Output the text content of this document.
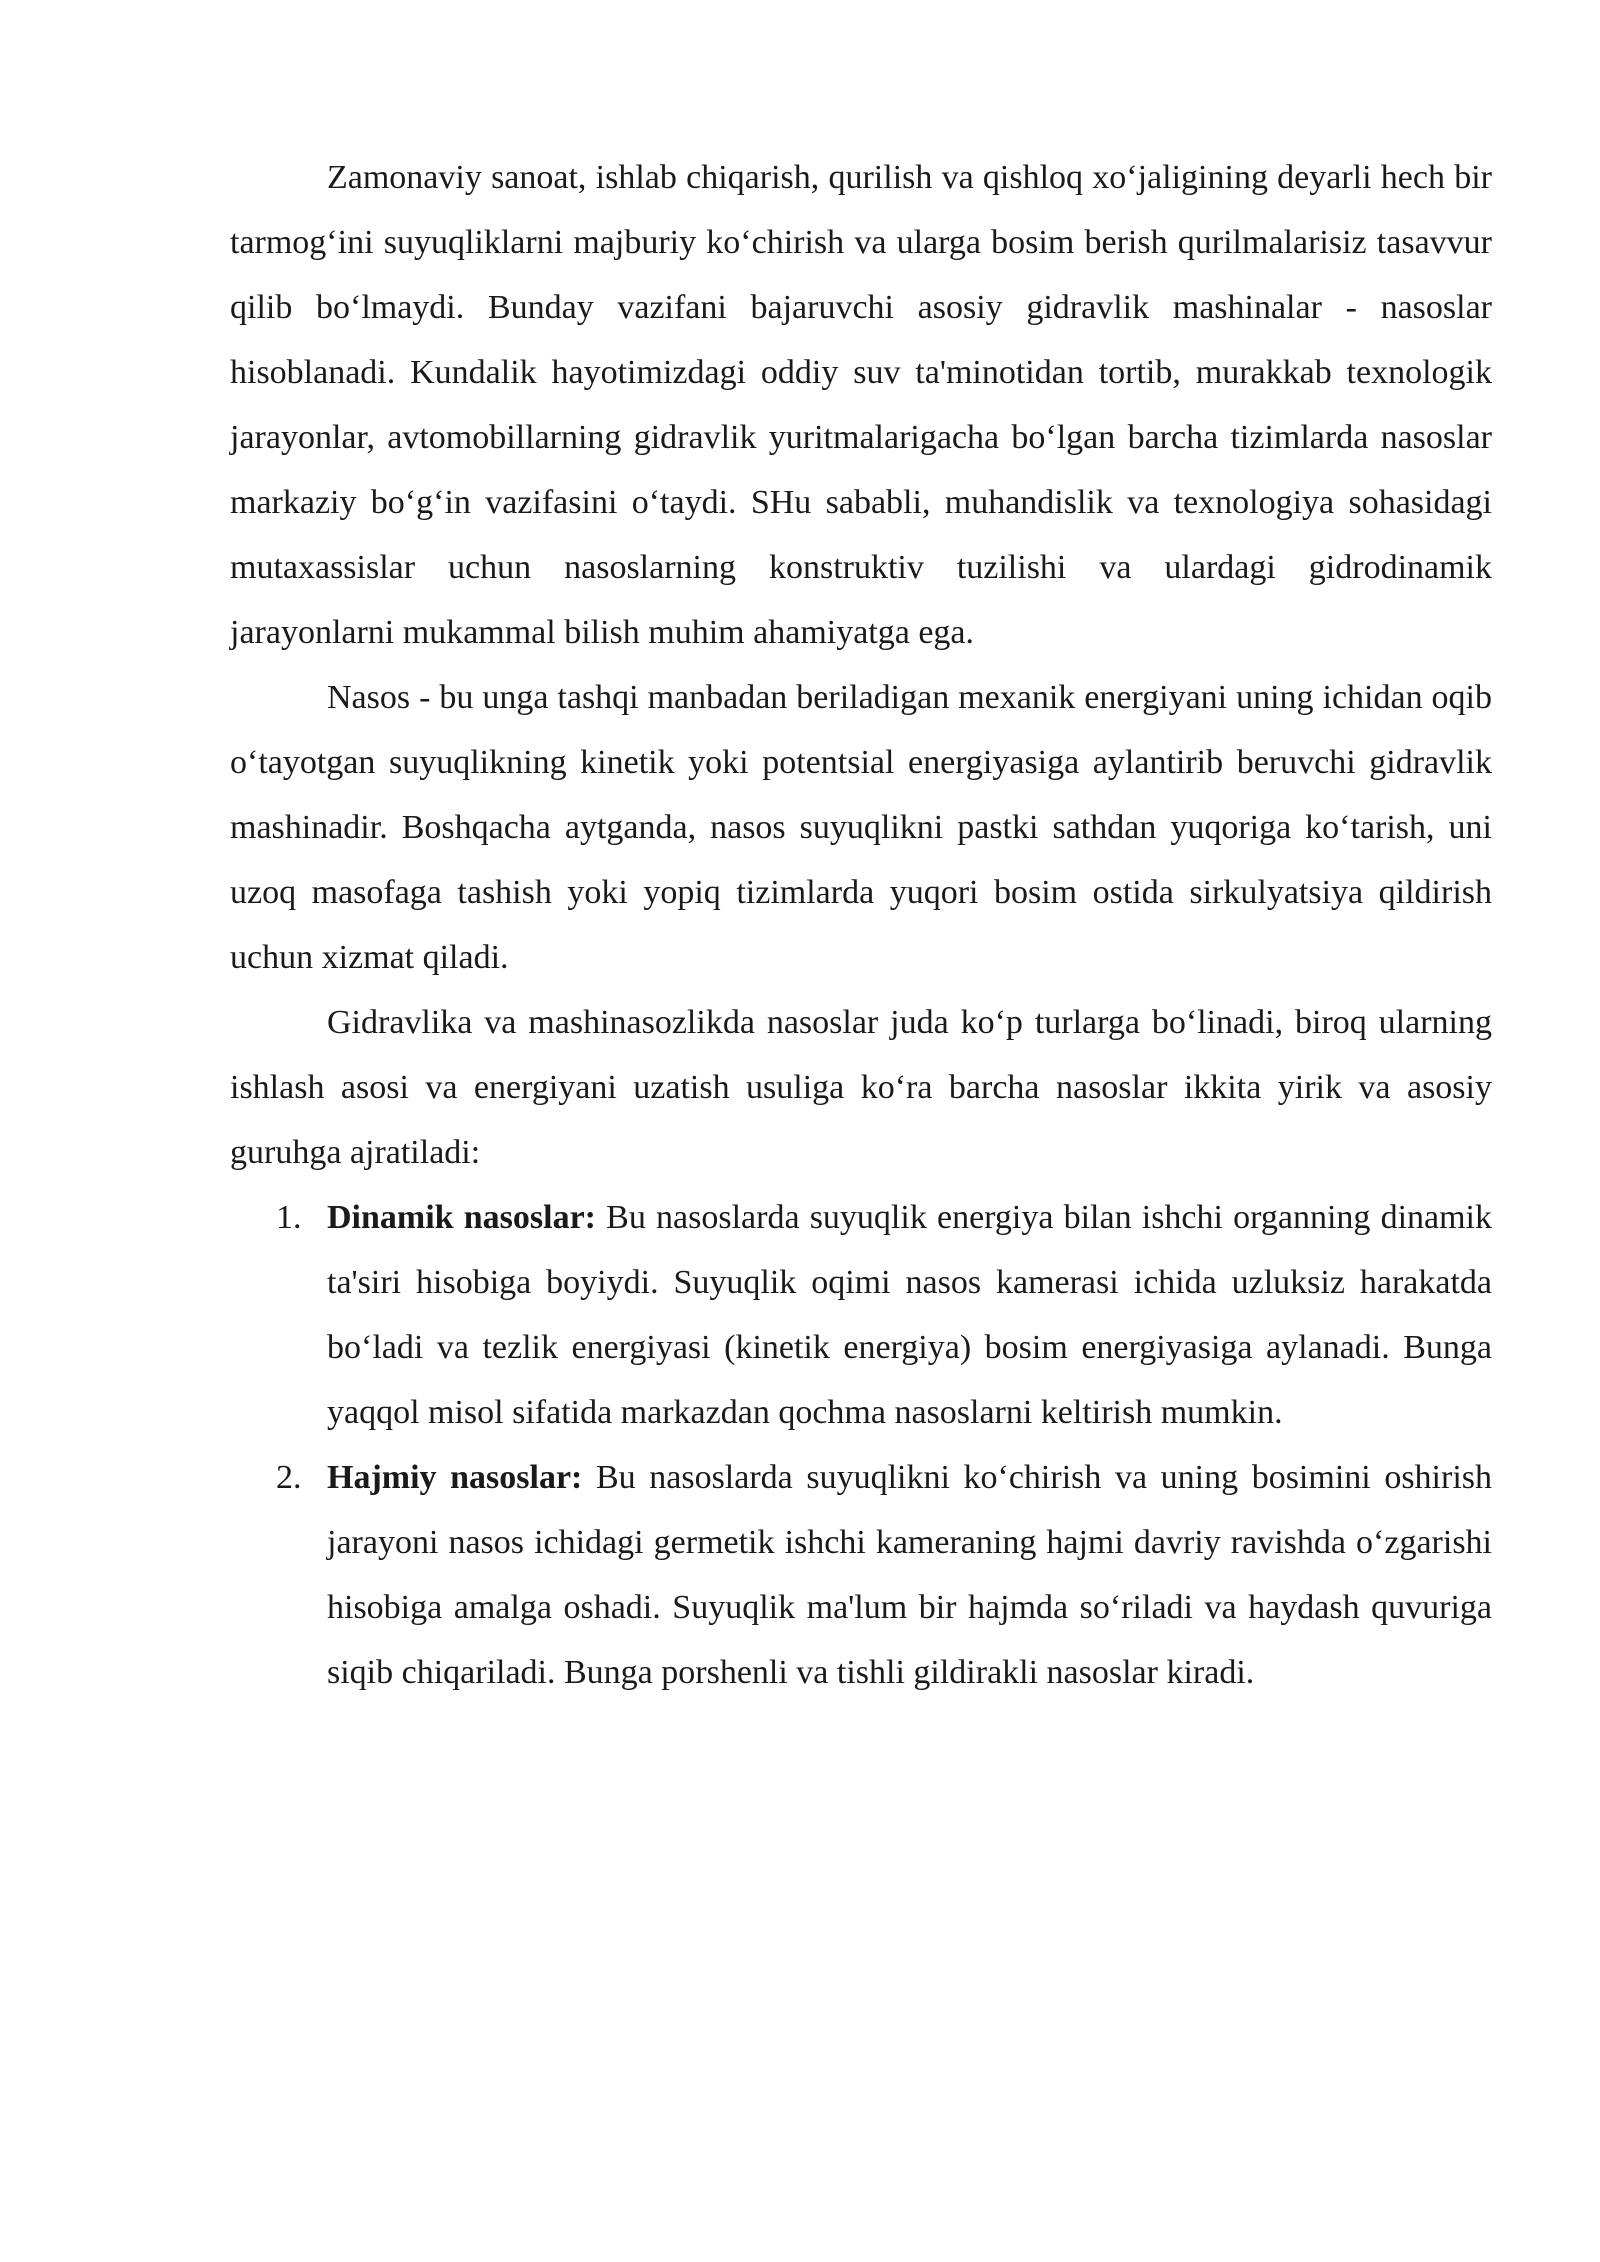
Zamonaviy sanoat, ishlab chiqarish, qurilish va qishloq xo‘jaligining deyarli hech bir tarmog‘ini suyuqliklarni majburiy ko‘chirish va ularga bosim berish qurilmalarisiz tasavvur qilib bo‘lmaydi. Bunday vazifani bajaruvchi asosiy gidravlik mashinalar - nasoslar hisoblanadi. Kundalik hayotimizdagi oddiy suv ta'minotidan tortib, murakkab texnologik jarayonlar, avtomobillarning gidravlik yuritmalarigacha bo‘lgan barcha tizimlarda nasoslar markaziy bo‘g‘in vazifasini o‘taydi. SHu sababli, muhandislik va texnologiya sohasidagi mutaxassislar uchun nasoslarning konstruktiv tuzilishi va ulardagi gidrodinamik jarayonlarni mukammal bilish muhim ahamiyatga ega.

Nasos - bu unga tashqi manbadan beriladigan mexanik energiyani uning ichidan oqib o‘tayotgan suyuqlikning kinetik yoki potentsial energiyasiga aylantirib beruvchi gidravlik mashinadir. Boshqacha aytganda, nasos suyuqlikni pastki sathdan yuqoriga ko‘tarish, uni uzoq masofaga tashish yoki yopiq tizimlarda yuqori bosim ostida sirkulyatsiya qildirish uchun xizmat qiladi.

Gidravlika va mashinasozlikda nasoslar juda ko‘p turlarga bo‘linadi, biroq ularning ishlash asosi va energiyani uzatish usuliga ko‘ra barcha nasoslar ikkita yirik va asosiy guruhga ajratiladi:

1. Dinamik nasoslar: Bu nasoslarda suyuqlik energiya bilan ishchi organning dinamik ta'siri hisobiga boyiydi. Suyuqlik oqimi nasos kamerasi ichida uzluksiz harakatda bo‘ladi va tezlik energiyasi (kinetik energiya) bosim energiyasiga aylanadi. Bunga yaqqol misol sifatida markazdan qochma nasoslarni keltirish mumkin.
2. Hajmiy nasoslar: Bu nasoslarda suyuqlikni ko‘chirish va uning bosimini oshirish jarayoni nasos ichidagi germetik ishchi kameraning hajmi davriy ravishda o‘zgarishi hisobiga amalga oshadi. Suyuqlik ma'lum bir hajmda so‘riladi va haydash quvuriga siqib chiqariladi. Bunga porshenli va tishli gildirakli nasoslar kiradi.
